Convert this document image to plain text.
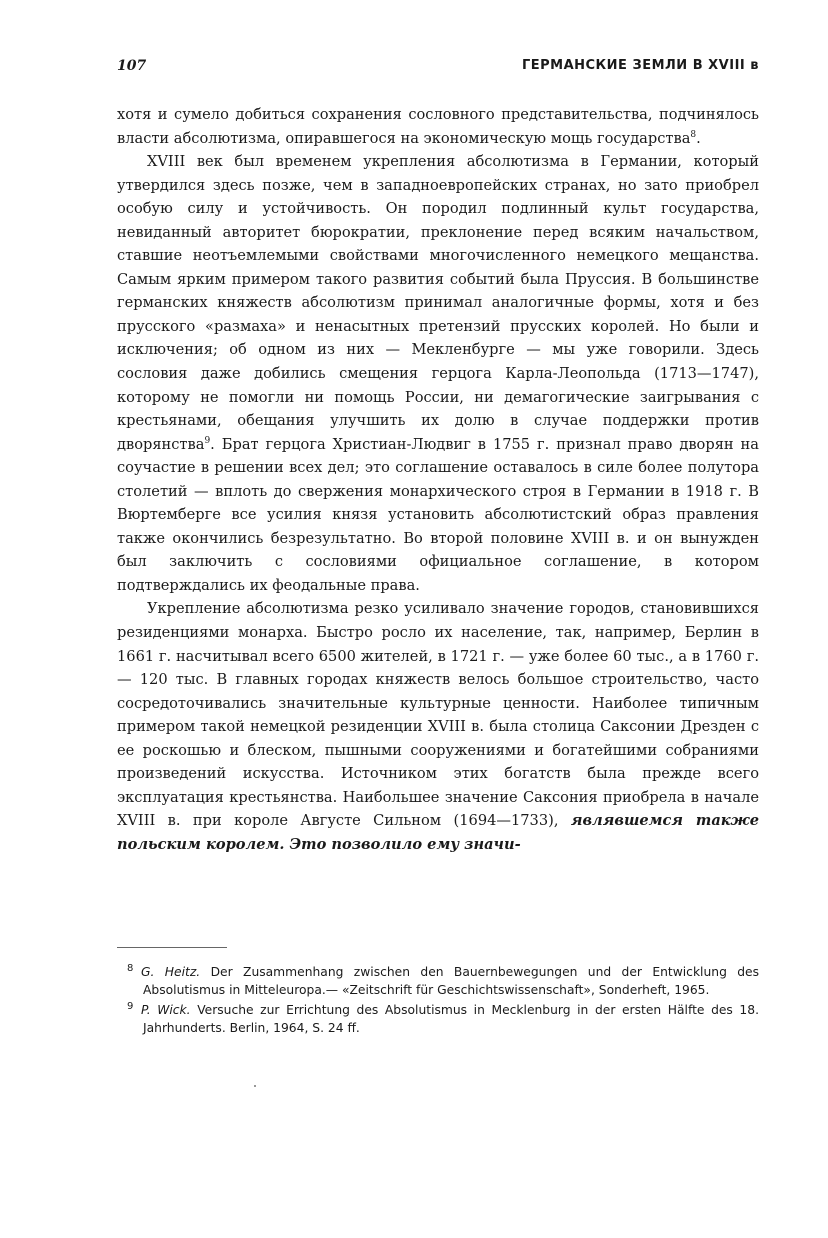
107	ГЕРМАНСКИЕ ЗЕМЛИ В XVIII в

хотя и сумело добиться сохранения сословного представительства, подчинялось власти абсолютизма, опиравшегося на экономическую мощь государства$^8$.

XVIII век был временем укрепления абсолютизма в Германии, который утвердился здесь позже, чем в западноевропейских странах, но зато приобрел особую силу и устойчивость. Он породил подлинный культ государства, невиданный авторитет бюрократии, преклонение перед всяким начальством, ставшие неотъемлемыми свойствами многочисленного немецкого мещанства. Самым ярким примером такого развития событий была Пруссия. В большинстве германских княжеств абсолютизм принимал аналогичные формы, хотя и без прусского «размаха» и ненасытных претензий прусских королей. Но были и исключения; об одном из них — Мекленбурге — мы уже говорили. Здесь сословия даже добились смещения герцога Карла-Леопольда (1713—1747), которому не помогли ни помощь России, ни демагогические заигрывания с крестьянами, обещания улучшить их долю в случае поддержки против дворянства$^9$. Брат герцога Христиан-Людвиг в 1755 г. признал право дворян на соучастие в решении всех дел; это соглашение оставалось в силе более полутора столетий — вплоть до свержения монархического строя в Германии в 1918 г. В Вюртемберге все усилия князя установить абсолютистский образ правления также окончились безрезультатно. Во второй половине XVIII в. и он вынужден был заключить с сословиями официальное соглашение, в котором подтверждались их феодальные права.

Укрепление абсолютизма резко усиливало значение городов, становившихся резиденциями монарха. Быстро росло их население, так, например, Берлин в 1661 г. насчитывал всего 6500 жителей, в 1721 г. — уже более 60 тыс., а в 1760 г. — 120 тыс. В главных городах княжеств велось большое строительство, часто сосредоточивались значительные культурные ценности. Наиболее типичным примером такой немецкой резиденции XVIII в. была столица Саксонии Дрезден с ее роскошью и блеском, пышными сооружениями и богатейшими собраниями произведений искусства. Источником этих богатств была прежде всего эксплуатация крестьянства. Наибольшее значение Саксония приобрела в начале XVIII в. при короле Августе Сильном (1694—1733), являвшемся также польским королем. Это позволило ему значи-

8 G. Heitz. Der Zusammenhang zwischen den Bauernbewegungen und der Entwicklung des Absolutismus in Mitteleuropa.— «Zeitschrift für Geschichtswissenschaft», Sonderheft, 1965.

9 P. Wick. Versuche zur Errichtung des Absolutismus in Mecklenburg in der ersten Hälfte des 18. Jahrhunderts. Berlin, 1964, S. 24 ff.
